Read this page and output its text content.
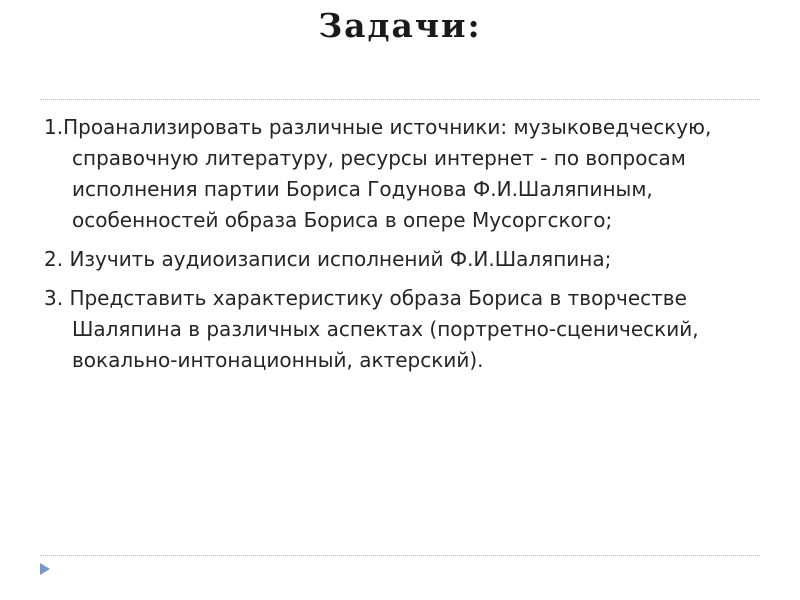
Задачи:
1.Проанализировать различные источники: музыковедческую, справочную литературу, ресурсы интернет - по вопросам исполнения партии Бориса Годунова Ф.И.Шаляпиным, особенностей образа Бориса в опере Мусоргского;
2. Изучить аудиоизаписи исполнений Ф.И.Шаляпина;
3. Представить характеристику образа Бориса в творчестве Шаляпина в различных аспектах (портретно-сценический, вокально-интонационный, актерский).
